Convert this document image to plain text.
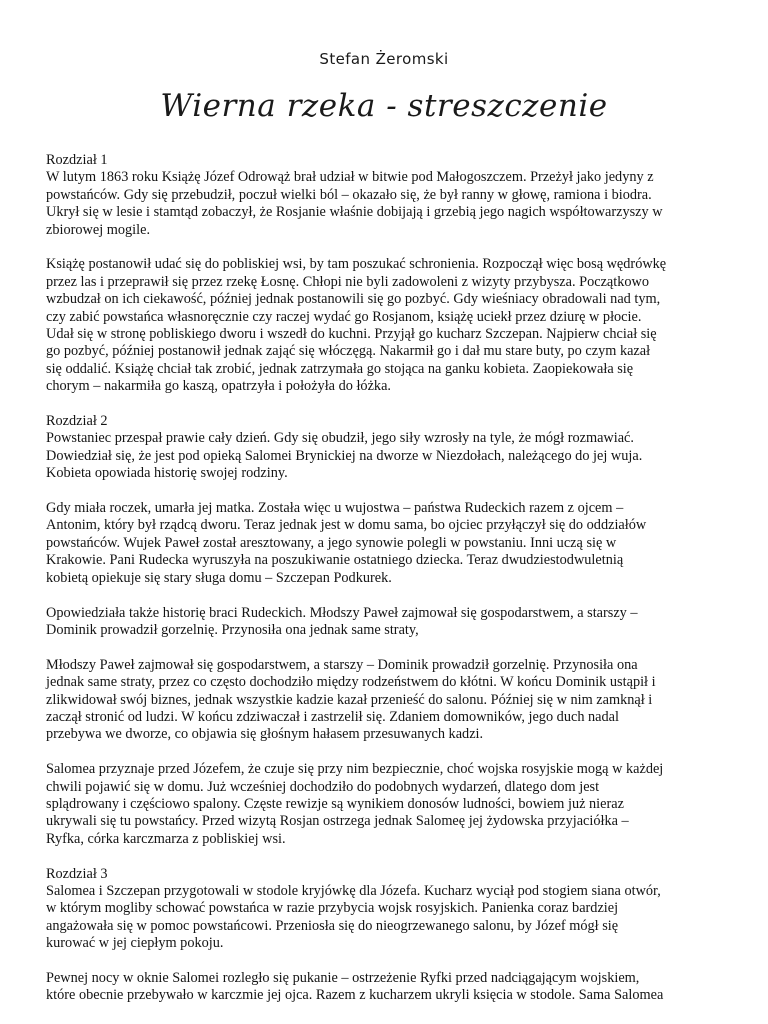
Stefan Żeromski
Wierna rzeka - streszczenie
Rozdział 1
W lutym 1863 roku Książę Józef Odrowąż brał udział w bitwie pod Małogoszczem. Przeżył jako jedyny z
powstańców. Gdy się przebudził, poczuł wielki ból – okazało się, że był ranny w głowę, ramiona i biodra.
Ukrył się w lesie i stamtąd zobaczył, że Rosjanie właśnie dobijają i grzebią jego nagich współtowarzyszy w
zbiorowej mogile.
Książę postanowił udać się do pobliskiej wsi, by tam poszukać schronienia. Rozpoczął więc bosą wędrówkę
przez las i przeprawił się przez rzekę Łosnę. Chłopi nie byli zadowoleni z wizyty przybysza. Początkowo
wzbudzał on ich ciekawość, później jednak postanowili się go pozbyć. Gdy wieśniacy obradowali nad tym,
czy zabić powstańca własnoręcznie czy raczej wydać go Rosjanom, książę uciekł przez dziurę w płocie.
Udał się w stronę pobliskiego dworu i wszedł do kuchni. Przyjął go kucharz Szczepan. Najpierw chciał się
go pozbyć, później postanowił jednak zająć się włóczęgą. Nakarmił go i dał mu stare buty, po czym kazał
się oddalić. Książę chciał tak zrobić, jednak zatrzymała go stojąca na ganku kobieta. Zaopiekowała się
chorym – nakarmiła go kaszą, opatrzyła i położyła do łóżka.
Rozdział 2
Powstaniec przespał prawie cały dzień. Gdy się obudził, jego siły wzrosły na tyle, że mógł rozmawiać.
Dowiedział się, że jest pod opieką Salomei Brynickiej na dworze w Niezdołach, należącego do jej wuja.
Kobieta opowiada historię swojej rodziny.
Gdy miała roczek, umarła jej matka. Została więc u wujostwa – państwa Rudeckich razem z ojcem –
Antonim, który był rządcą dworu. Teraz jednak jest w domu sama, bo ojciec przyłączył się do oddziałów
powstańców. Wujek Paweł został aresztowany, a jego synowie polegli w powstaniu. Inni uczą się w
Krakowie. Pani Rudecka wyruszyła na poszukiwanie ostatniego dziecka. Teraz dwudziestodwuletnią
kobietą opiekuje się stary sługa domu – Szczepan Podkurek.
Opowiedziała także historię braci Rudeckich. Młodszy Paweł zajmował się gospodarstwem, a starszy –
Dominik prowadził gorzelnię. Przynosiła ona jednak same straty,
Młodszy Paweł zajmował się gospodarstwem, a starszy – Dominik prowadził gorzelnię. Przynosiła ona
jednak same straty, przez co często dochodziło między rodzeństwem do kłótni. W końcu Dominik ustąpił i
zlikwidował swój biznes, jednak wszystkie kadzie kazał przenieść do salonu. Później się w nim zamknął i
zaczął stronić od ludzi. W końcu zdziwaczał i zastrzelił się. Zdaniem domowników, jego duch nadal
przebywa we dworze, co objawia się głośnym hałasem przesuwanych kadzi.
Salomea przyznaje przed Józefem, że czuje się przy nim bezpiecznie, choć wojska rosyjskie mogą w każdej
chwili pojawić się w domu. Już wcześniej dochodziło do podobnych wydarzeń, dlatego dom jest
splądrowany i częściowo spalony. Częste rewizje są wynikiem donosów ludności, bowiem już nieraz
ukrywali się tu powstańcy. Przed wizytą Rosjan ostrzega jednak Salomeę jej żydowska przyjaciółka –
Ryfka, córka karczmarza z pobliskiej wsi.
Rozdział 3
Salomea i Szczepan przygotowali w stodole kryjówkę dla Józefa. Kucharz wyciął pod stogiem siana otwór,
w którym mogliby schować powstańca w razie przybycia wojsk rosyjskich. Panienka coraz bardziej
angażowała się w pomoc powstańcowi. Przeniosła się do nieogrzewanego salonu, by Józef mógł się
kurować w jej ciepłym pokoju.
Pewnej nocy w oknie Salomei rozległo się pukanie – ostrzeżenie Ryfki przed nadciągającym wojskiem,
które obecnie przebywało w karczmie jej ojca. Razem z kucharzem ukryli księcia w stodole. Sama Salomea
